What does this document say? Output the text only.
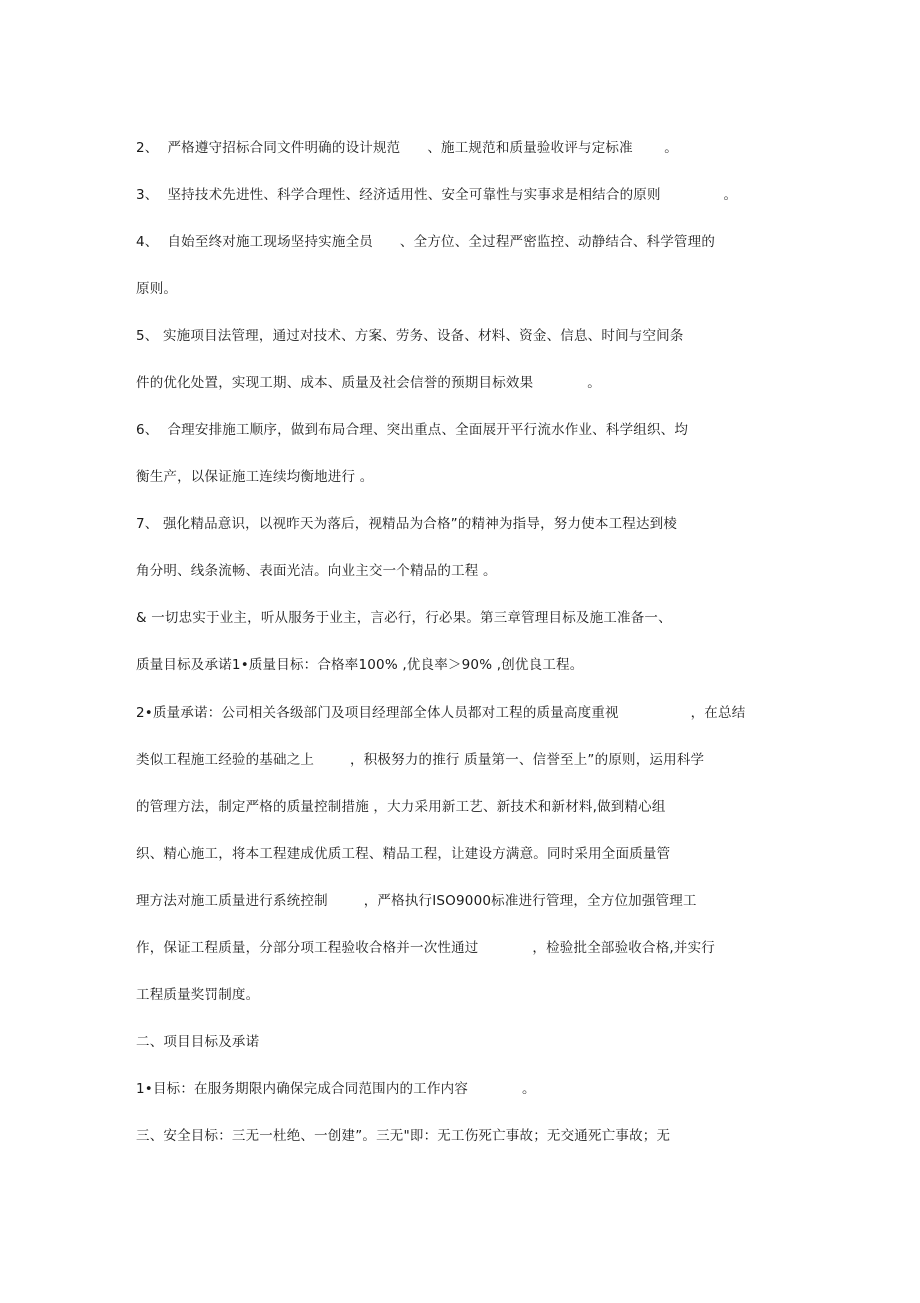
2、  严格遵守招标合同文件明确的设计规范      、施工规范和质量验收评与定标准       。
3、  坚持技术先进性、科学合理性、经济适用性、安全可靠性与实事求是相结合的原则              。
4、  自始至终对施工现场坚持实施全员      、全方位、全过程严密监控、动静结合、科学管理的
原则。
5、 实施项目法管理，通过对技术、方案、劳务、设备、材料、资金、信息、时间与空间条
件的优化处置，实现工期、成本、质量及社会信誉的预期目标效果            。
6、  合理安排施工顺序，做到布局合理、突出重点、全面展开平行流水作业、科学组织、均
衡生产，以保证施工连续均衡地进行 。
7、 强化精品意识，以视昨天为落后，视精品为合格”的精神为指导，努力使本工程达到棱
角分明、线条流畅、表面光洁。向业主交一个精品的工程 。
& 一切忠实于业主，听从服务于业主，言必行，行必果。第三章管理目标及施工准备一、
质量目标及承诺1•质量目标：合格率100% ,优良率＞90% ,创优良工程。
2•质量承诺：公司相关各级部门及项目经理部全体人员都对工程的质量高度重视                ，在总结
类似工程施工经验的基础之上        ，积极努力的推行 质量第一、信誉至上”的原则，运用科学
的管理方法，制定严格的质量控制措施 ，大力采用新工艺、新技术和新材料,做到精心组
织、精心施工，将本工程建成优质工程、精品工程，让建设方满意。同时采用全面质量管
理方法对施工质量进行系统控制        ，严格执行ISO9000标准进行管理，全方位加强管理工
作，保证工程质量，分部分项工程验收合格并一次性通过            ，检验批全部验收合格,并实行
工程质量奖罚制度。
二、项目目标及承诺
1•目标：在服务期限内确保完成合同范围内的工作内容            。
三、安全目标：三无一杜绝、一创建”。三无"即：无工伤死亡事故；无交通死亡事故；无
